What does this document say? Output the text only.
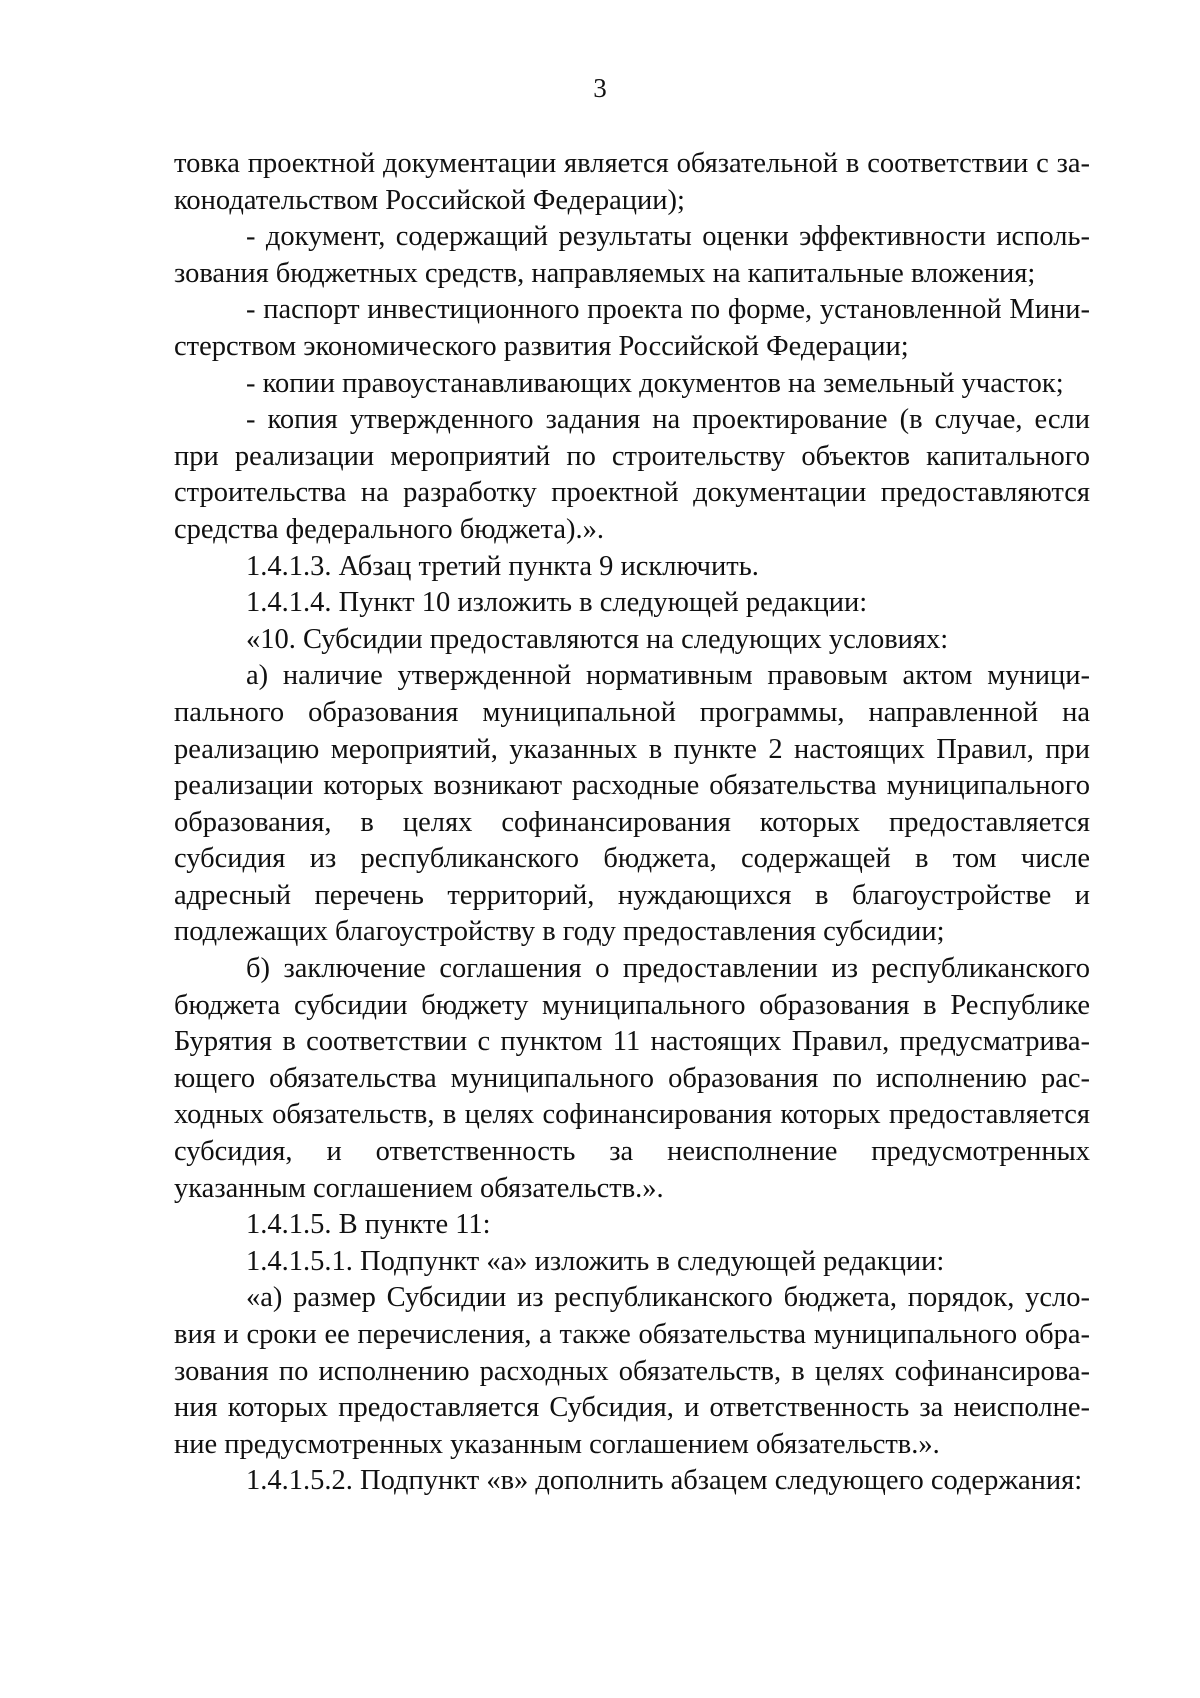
3

товка проектной документации является обязательной в соответствии с законодательством Российской Федерации);

- документ, содержащий результаты оценки эффективности использования бюджетных средств, направляемых на капитальные вложения;

- паспорт инвестиционного проекта по форме, установленной Министерством экономического развития Российской Федерации;

- копии правоустанавливающих документов на земельный участок;

- копия утвержденного задания на проектирование (в случае, если при реализации мероприятий по строительству объектов капитального строительства на разработку проектной документации предоставляются средства федерального бюджета).».

1.4.1.3. Абзац третий пункта 9 исключить.

1.4.1.4. Пункт 10 изложить в следующей редакции:

«10. Субсидии предоставляются на следующих условиях:

а) наличие утвержденной нормативным правовым актом муниципального образования муниципальной программы, направленной на реализацию мероприятий, указанных в пункте 2 настоящих Правил, при реализации которых возникают расходные обязательства муниципального образования, в целях софинансирования которых предоставляется субсидия из республиканского бюджета, содержащей в том числе адресный перечень территорий, нуждающихся в благоустройстве и подлежащих благоустройству в году предоставления субсидии;

б) заключение соглашения о предоставлении из республиканского бюджета субсидии бюджету муниципального образования в Республике Бурятия в соответствии с пунктом 11 настоящих Правил, предусматривающего обязательства муниципального образования по исполнению расходных обязательств, в целях софинансирования которых предоставляется субсидия, и ответственность за неисполнение предусмотренных указанным соглашением обязательств.».

1.4.1.5. В пункте 11:

1.4.1.5.1. Подпункт «а» изложить в следующей редакции:

«а) размер Субсидии из республиканского бюджета, порядок, условия и сроки ее перечисления, а также обязательства муниципального образования по исполнению расходных обязательств, в целях софинансирования которых предоставляется Субсидия, и ответственность за неисполнение предусмотренных указанным соглашением обязательств.».

1.4.1.5.2. Подпункт «в» дополнить абзацем следующего содержания:
